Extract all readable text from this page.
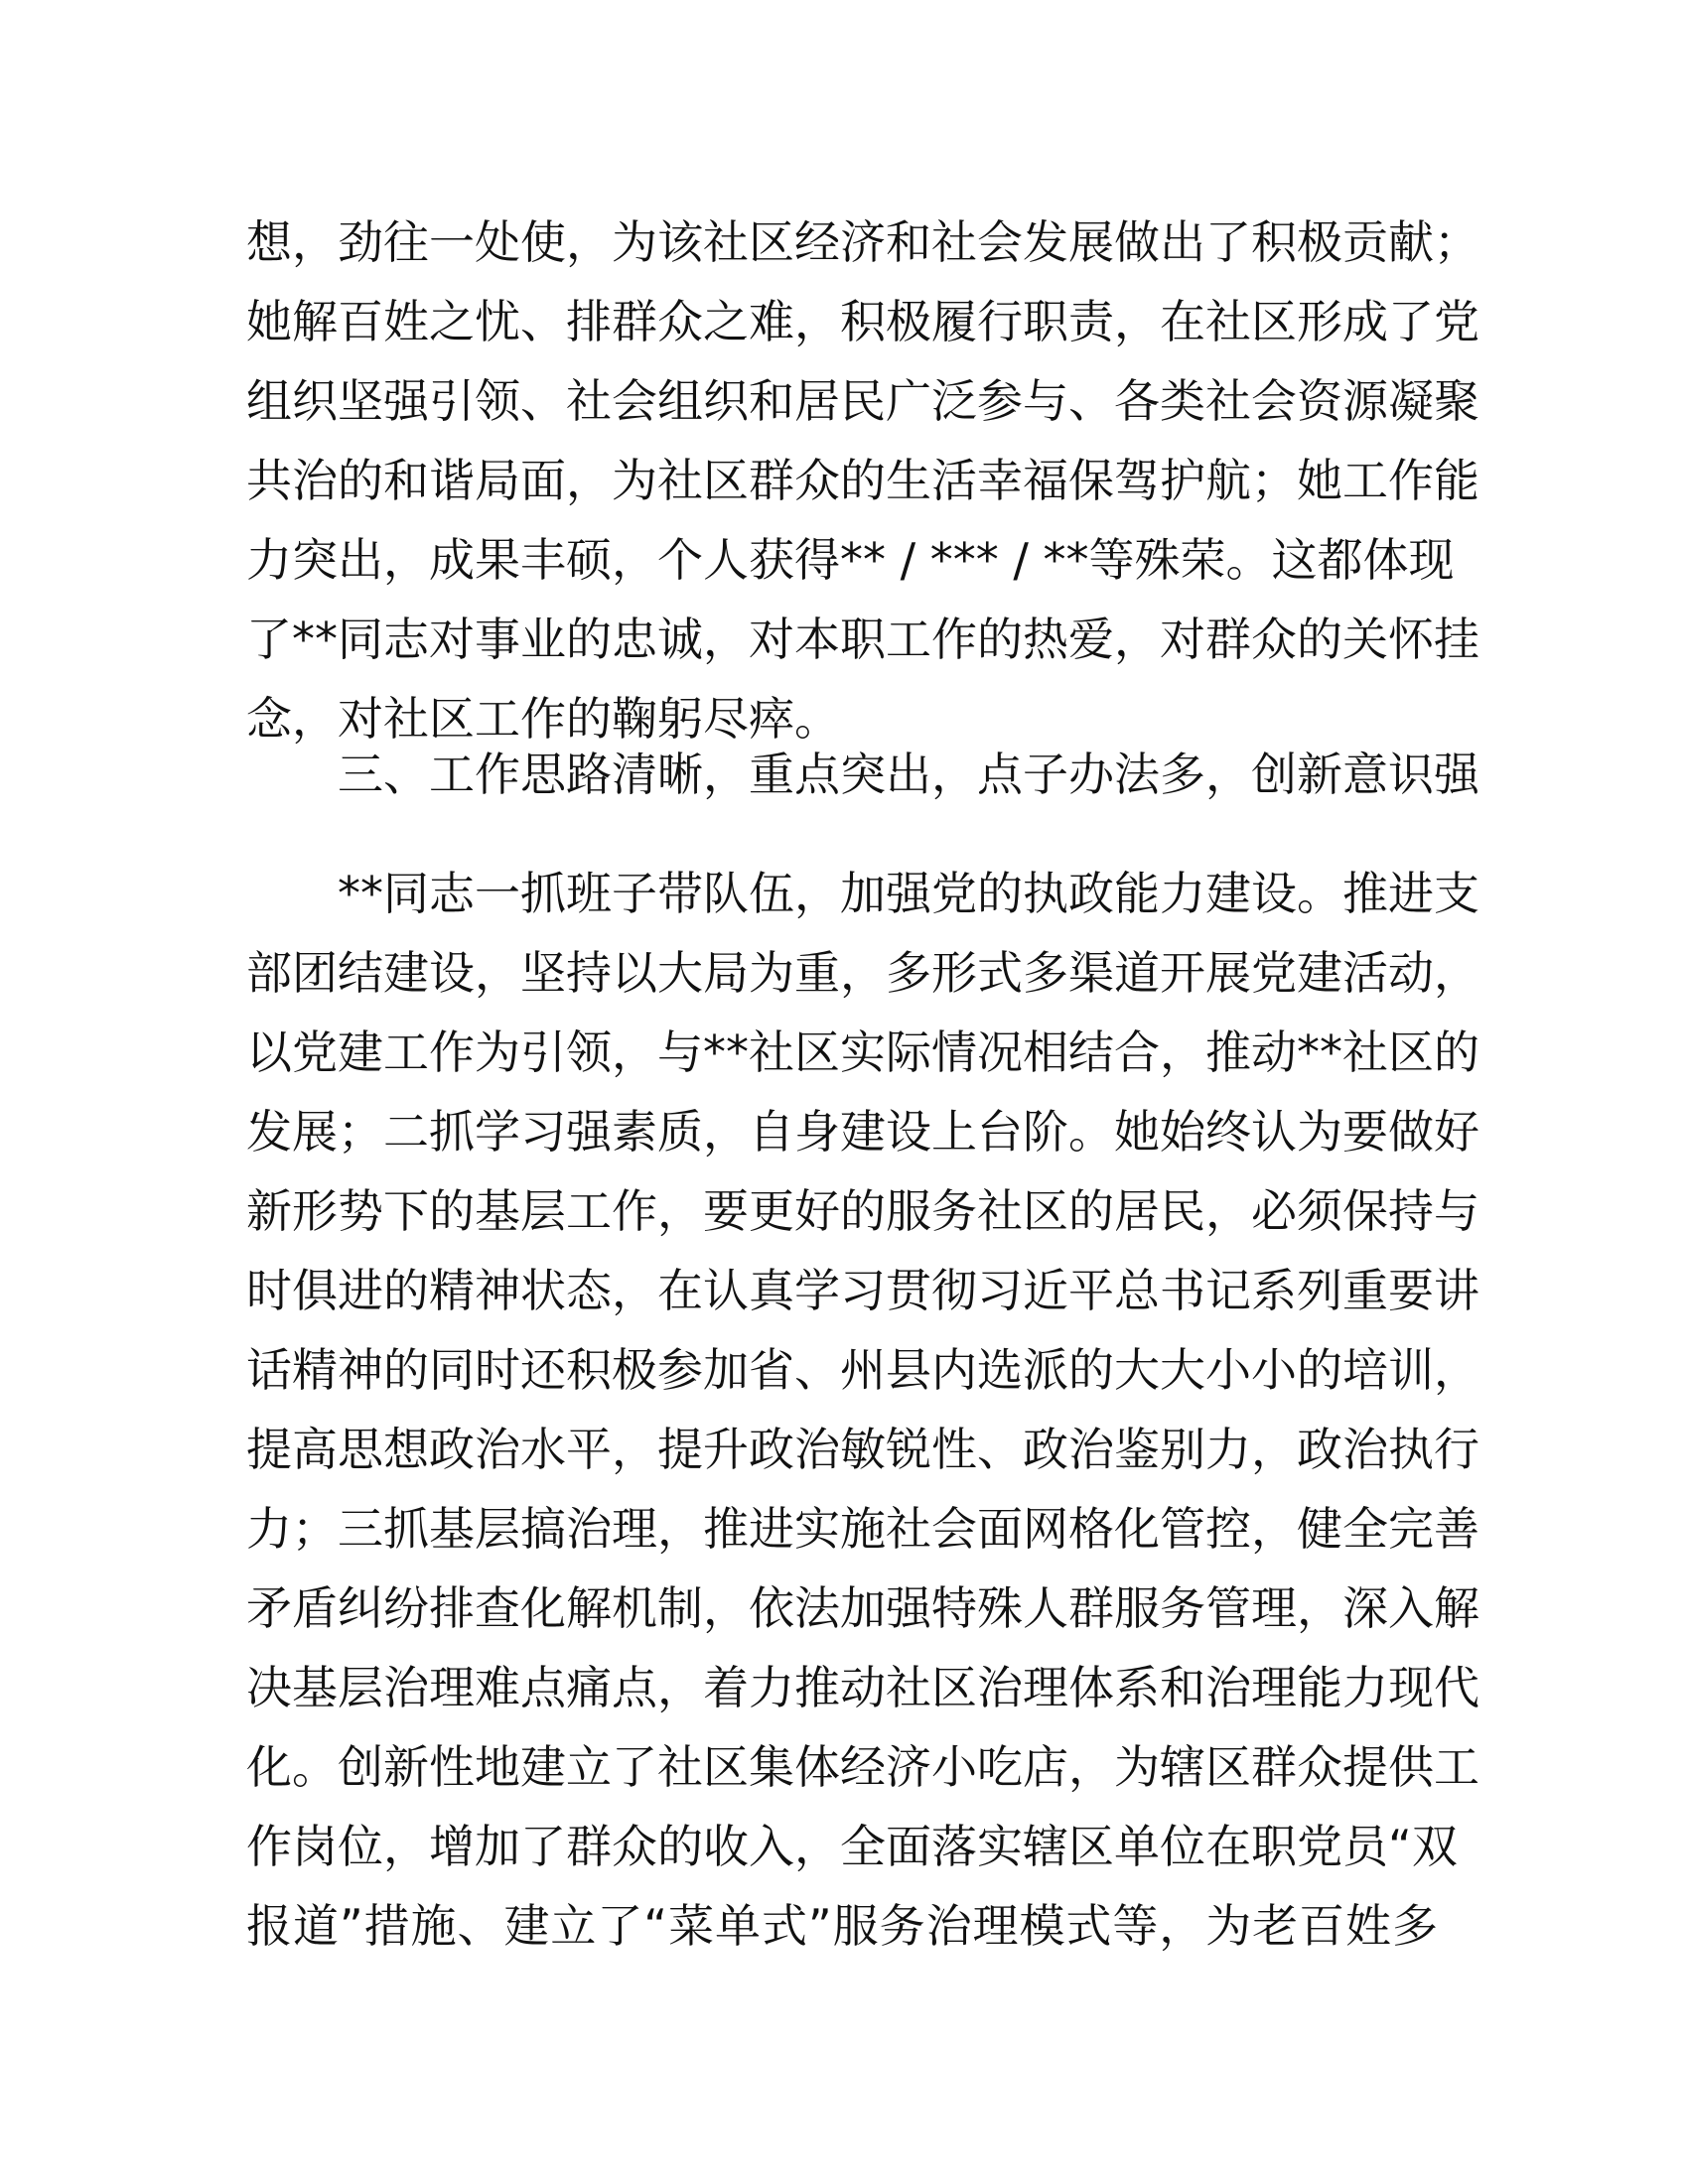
想，劲往一处使，为该社区经济和社会发展做出了积极贡献；
她解百姓之忧、排群众之难，积极履行职责，在社区形成了党
组织坚强引领、社会组织和居民广泛参与、各类社会资源凝聚
共治的和谐局面，为社区群众的生活幸福保驾护航；她工作能
力突出，成果丰硕，个人获得** / *** / **等殊荣。这都体现
了**同志对事业的忠诚，对本职工作的热爱，对群众的关怀挂
念，对社区工作的鞠躬尽瘁。
三、工作思路清晰，重点突出，点子办法多，创新意识强
**同志一抓班子带队伍，加强党的执政能力建设。推进支
部团结建设，坚持以大局为重，多形式多渠道开展党建活动，
以党建工作为引领，与**社区实际情况相结合，推动**社区的
发展；二抓学习强素质，自身建设上台阶。她始终认为要做好
新形势下的基层工作，要更好的服务社区的居民，必须保持与
时俱进的精神状态，在认真学习贯彻习近平总书记系列重要讲
话精神的同时还积极参加省、州县内选派的大大小小的培训，
提高思想政治水平，提升政治敏锐性、政治鉴别力，政治执行
力；三抓基层搞治理，推进实施社会面网格化管控，健全完善
矛盾纠纷排查化解机制，依法加强特殊人群服务管理，深入解
决基层治理难点痛点，着力推动社区治理体系和治理能力现代
化。创新性地建立了社区集体经济小吃店，为辖区群众提供工
作岗位，增加了群众的收入，全面落实辖区单位在职党员“双
报道”措施、建立了“菜单式”服务治理模式等，为老百姓多
